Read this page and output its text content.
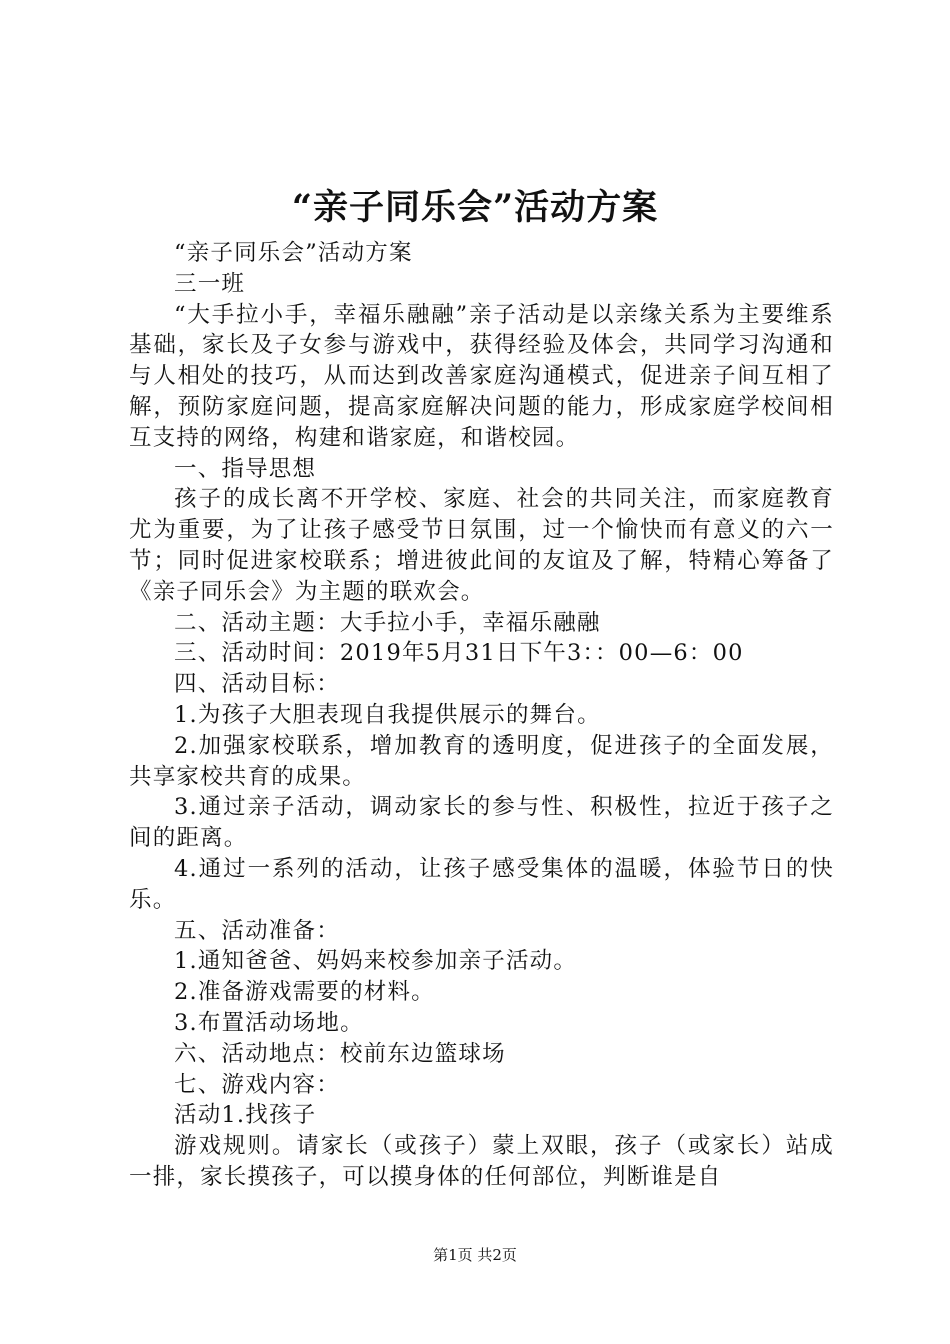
“亲子同乐会”活动方案

“亲子同乐会”活动方案

三一班

“大手拉小手，幸福乐融融”亲子活动是以亲缘关系为主要维系基础，家长及子女参与游戏中，获得经验及体会，共同学习沟通和与人相处的技巧，从而达到改善家庭沟通模式，促进亲子间互相了解，预防家庭问题，提高家庭解决问题的能力，形成家庭学校间相互支持的网络，构建和谐家庭，和谐校园。

一、指导思想

孩子的成长离不开学校、家庭、社会的共同关注，而家庭教育尤为重要，为了让孩子感受节日氛围，过一个愉快而有意义的六一节；同时促进家校联系；增进彼此间的友谊及了解，特精心筹备了《亲子同乐会》为主题的联欢会。

二、活动主题：大手拉小手，幸福乐融融

三、活动时间：2019年5月31日下午3：：00—6：00

四、活动目标：

1.为孩子大胆表现自我提供展示的舞台。

2.加强家校联系，增加教育的透明度，促进孩子的全面发展，共享家校共育的成果。

3.通过亲子活动，调动家长的参与性、积极性，拉近于孩子之间的距离。

4.通过一系列的活动，让孩子感受集体的温暖，体验节日的快乐。

五、活动准备：

1.通知爸爸、妈妈来校参加亲子活动。

2.准备游戏需要的材料。

3.布置活动场地。

六、活动地点：校前东边篮球场

七、游戏内容：

活动1.找孩子

游戏规则。请家长（或孩子）蒙上双眼，孩子（或家长）站成一排，家长摸孩子，可以摸身体的任何部位，判断谁是自

第1页 共2页
